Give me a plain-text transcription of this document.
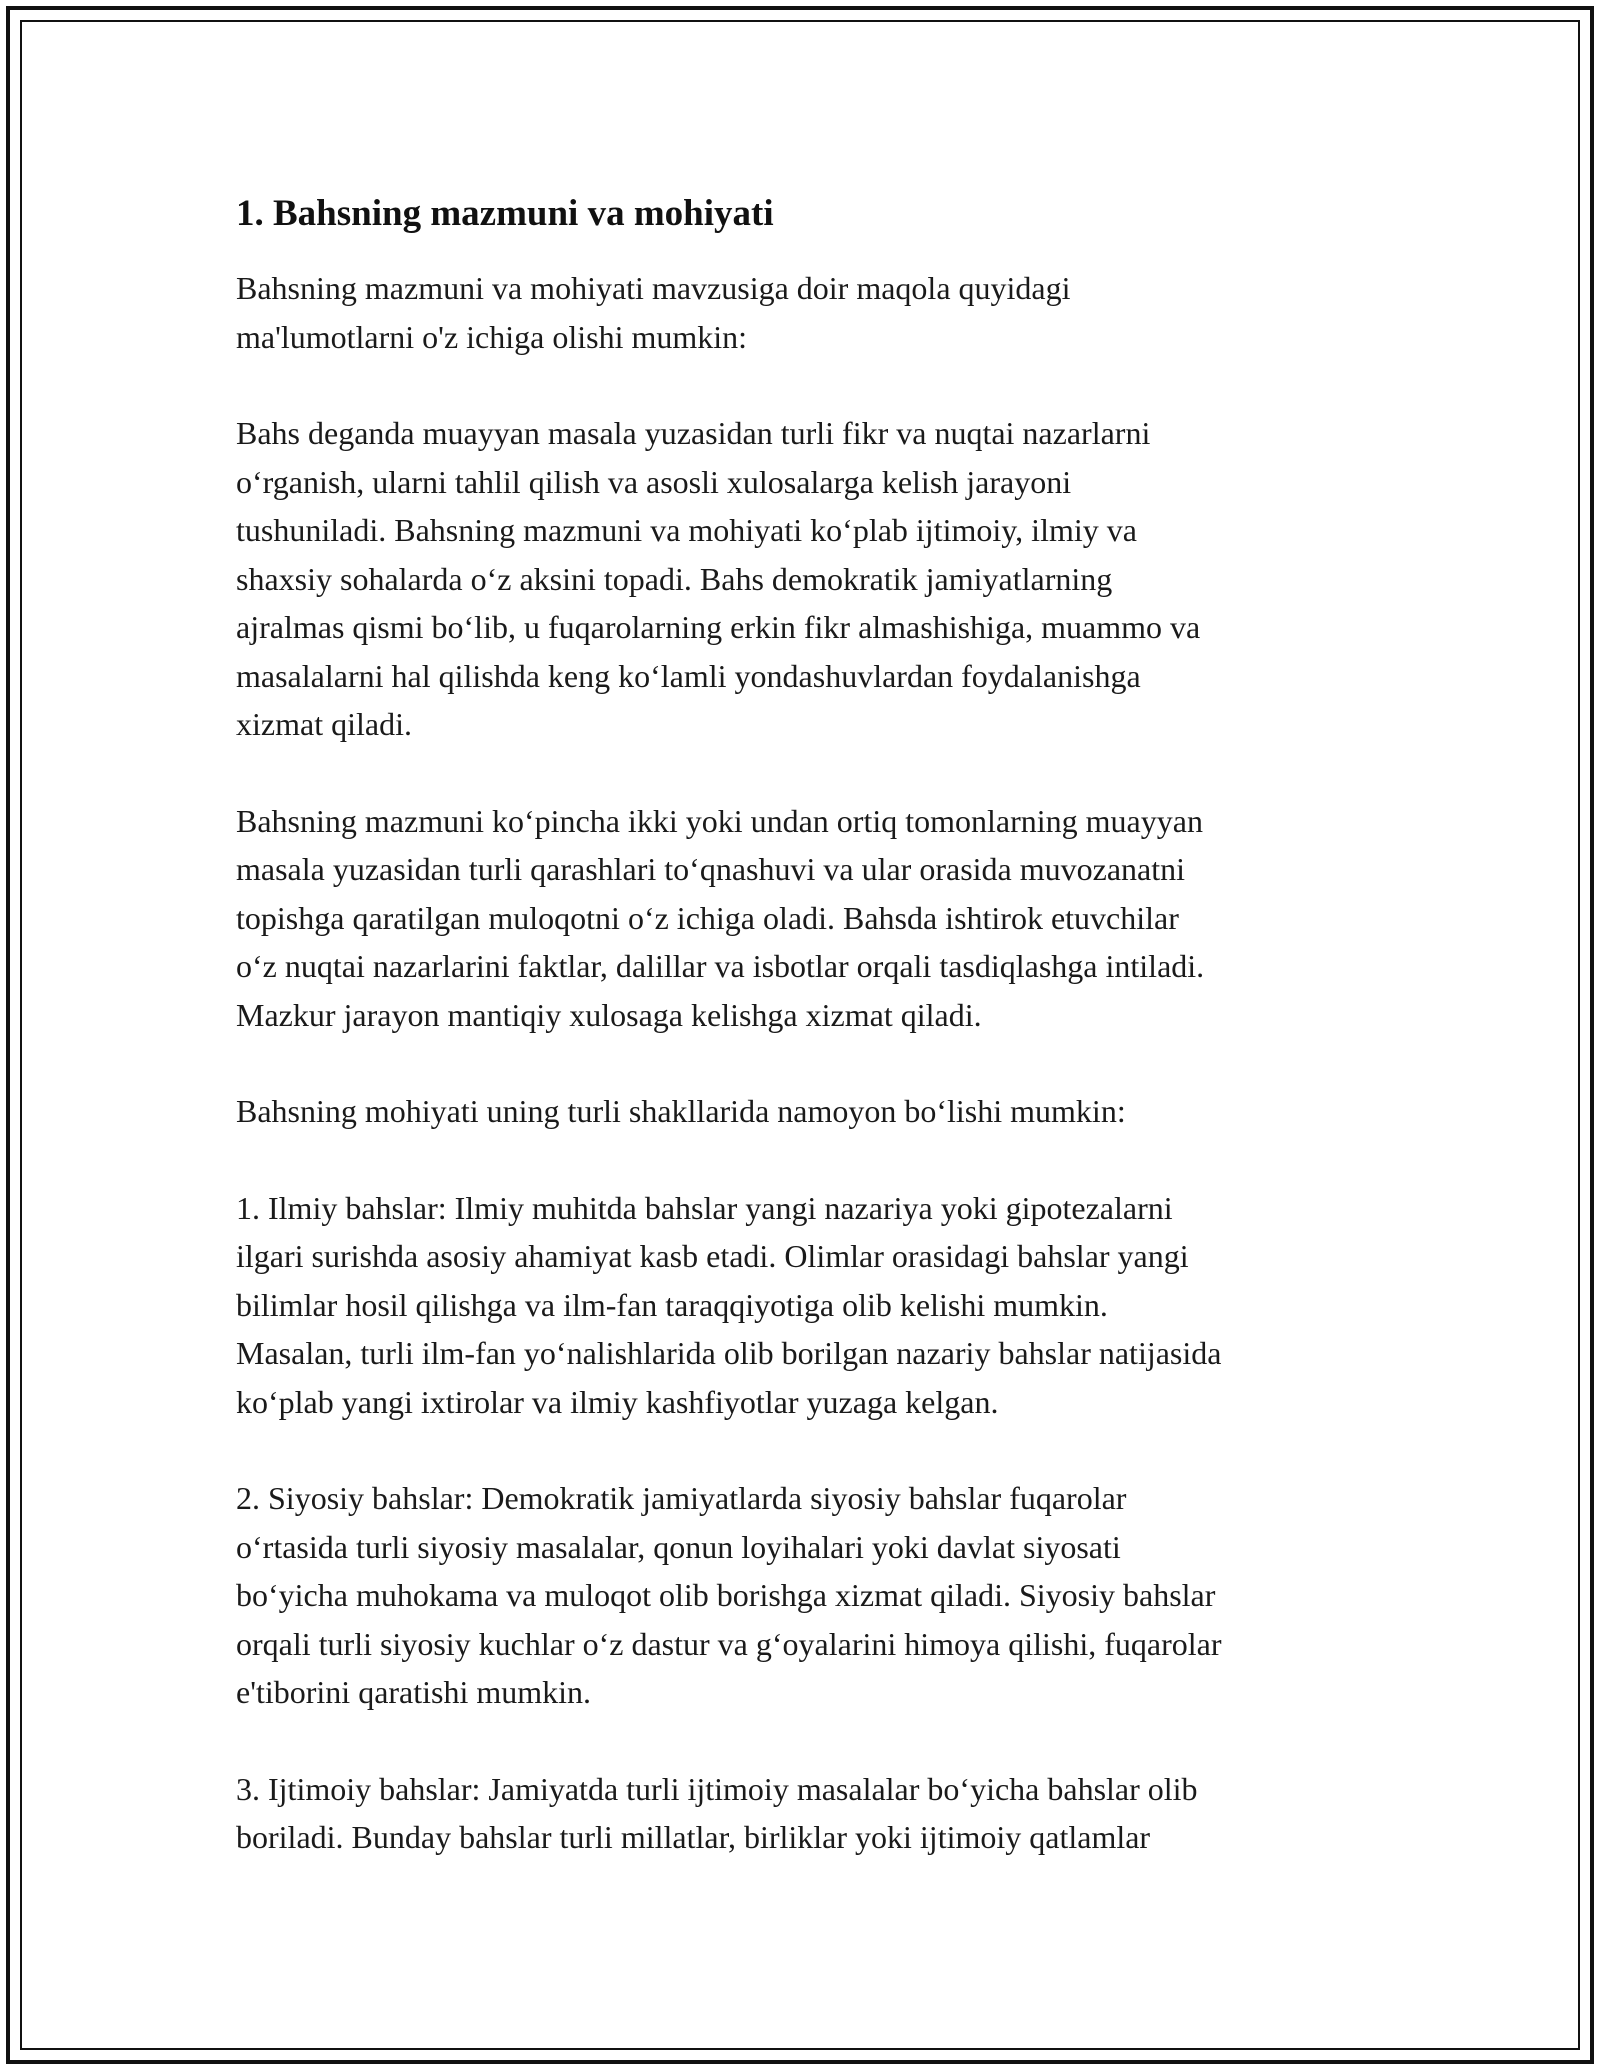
1. Bahsning mazmuni va mohiyati

Bahsning mazmuni va mohiyati mavzusiga doir maqola quyidagi
ma'lumotlarni o'z ichiga olishi mumkin:

Bahs deganda muayyan masala yuzasidan turli fikr va nuqtai nazarlarni
oʻrganish, ularni tahlil qilish va asosli xulosalarga kelish jarayoni
tushuniladi. Bahsning mazmuni va mohiyati koʻplab ijtimoiy, ilmiy va
shaxsiy sohalarda oʻz aksini topadi. Bahs demokratik jamiyatlarning
ajralmas qismi boʻlib, u fuqarolarning erkin fikr almashishiga, muammo va
masalalarni hal qilishda keng koʻlamli yondashuvlardan foydalanishga
xizmat qiladi.

Bahsning mazmuni koʻpincha ikki yoki undan ortiq tomonlarning muayyan
masala yuzasidan turli qarashlari toʻqnashuvi va ular orasida muvozanatni
topishga qaratilgan muloqotni oʻz ichiga oladi. Bahsda ishtirok etuvchilar
oʻz nuqtai nazarlarini faktlar, dalillar va isbotlar orqali tasdiqlashga intiladi.
Mazkur jarayon mantiqiy xulosaga kelishga xizmat qiladi.

Bahsning mohiyati uning turli shakllarida namoyon boʻlishi mumkin:

1. Ilmiy bahslar: Ilmiy muhitda bahslar yangi nazariya yoki gipotezalarni
ilgari surishda asosiy ahamiyat kasb etadi. Olimlar orasidagi bahslar yangi
bilimlar hosil qilishga va ilm-fan taraqqiyotiga olib kelishi mumkin.
Masalan, turli ilm-fan yoʻnalishlarida olib borilgan nazariy bahslar natijasida
koʻplab yangi ixtirolar va ilmiy kashfiyotlar yuzaga kelgan.

2. Siyosiy bahslar: Demokratik jamiyatlarda siyosiy bahslar fuqarolar
oʻrtasida turli siyosiy masalalar, qonun loyihalari yoki davlat siyosati
boʻyicha muhokama va muloqot olib borishga xizmat qiladi. Siyosiy bahslar
orqali turli siyosiy kuchlar oʻz dastur va gʻoyalarini himoya qilishi, fuqarolar
e'tiborini qaratishi mumkin.

3. Ijtimoiy bahslar: Jamiyatda turli ijtimoiy masalalar boʻyicha bahslar olib
boriladi. Bunday bahslar turli millatlar, birliklar yoki ijtimoiy qatlamlar
